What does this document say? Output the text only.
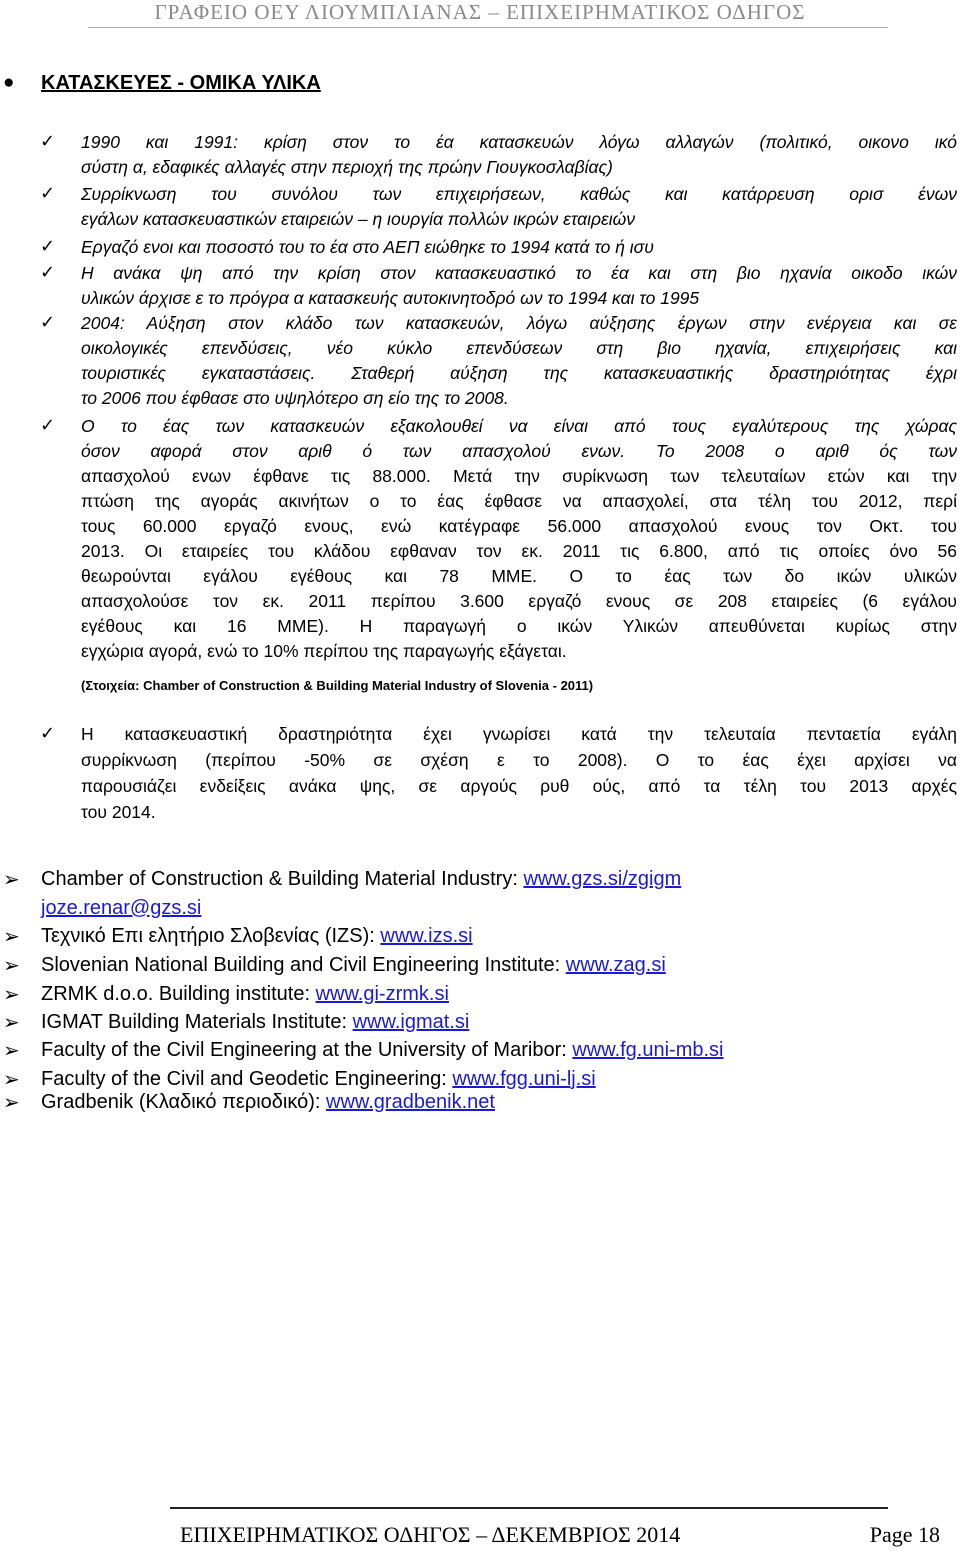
ΓΡΑΦΕΙΟ ΟΕΥ ΛΙΟΥΜΠΛΙΑΝΑΣ – ΕΠΙΧΕΙΡΗΜΑΤΙΚΟΣ ΟΔΗΓΟΣ
● ΚΑΤΑΣΚΕΥΕΣ - ΟΜΙΚΑ ΥΛΙΚΑ
✓ 1990 και 1991: κρίση στον το έα κατασκευών λόγω αλλαγών (πολιτικό, οικονο ικό
σύστη α, εδαφικές αλλαγές στην περιοχή της πρώην Γιουγκοσλαβίας)
✓ Συρρίκνωση του συνόλου των επιχειρήσεων, καθώς και κατάρρευση ορισ ένων
εγάλων κατασκευαστικών εταιρειών – η ιουργία πολλών ικρών εταιρειών
✓ Εργαζό ενοι και ποσοστό του το έα στο ΑΕΠ ειώθηκε το 1994 κατά το ή ισυ
✓ Η ανάκα ψη από την κρίση στον κατασκευαστικό το έα και στη βιο ηχανία οικοδο ικών
υλικών άρχισε ε το πρόγρα α κατασκευής αυτοκινητοδρό ων το 1994 και το 1995
✓ 2004: Αύξηση στον κλάδο των κατασκευών, λόγω αύξησης έργων στην ενέργεια και σε
οικολογικές επενδύσεις, νέο κύκλο επενδύσεων στη βιο ηχανία, επιχειρήσεις και
τουριστικές εγκαταστάσεις. Σταθερή αύξηση της κατασκευαστικής δραστηριότητας έχρι
το 2006 που έφθασε στο υψηλότερο ση είο της το 2008.
✓ Ο το έας των κατασκευών εξακολουθεί να είναι από τους εγαλύτερους της χώρας
όσον αφορά στον αριθ ό των απασχολού ενων. Το 2008 ο αριθ ός των
απασχολού ενων έφθανε τις 88.000. Μετά την συρίκνωση των τελευταίων ετών και την
πτώση της αγοράς ακινήτων ο το έας έφθασε να απασχολεί, στα τέλη του 2012, περί
τους 60.000 εργαζό ενους, ενώ κατέγραφε 56.000 απασχολού ενους τον Οκτ. του
2013. Οι εταιρείες του κλάδου εφθαναν τον εκ. 2011 τις 6.800, από τις οποίες όνο 56
θεωρούνται εγάλου εγέθους και 78 ΜΜΕ. Ο το έας των δο ικών υλικών
απασχολούσε τον εκ. 2011 περίπου 3.600 εργαζό ενους σε 208 εταιρείες (6 εγάλου
εγέθους και 16 ΜΜΕ). Η παραγωγή ο ικών Υλικών απευθύνεται κυρίως στην
εγχώρια αγορά, ενώ το 10% περίπου της παραγωγής εξάγεται.
(Στοιχεία: Chamber of Construction & Building Material Industry of Slovenia - 2011)
✓ Η κατασκευαστική δραστηριότητα έχει γνωρίσει κατά την τελευταία πενταετία εγάλη
συρρίκνωση (περίπου -50% σε σχέση ε το 2008). Ο το έας έχει αρχίσει να
παρουσιάζει ενδείξεις ανάκα ψης, σε αργούς ρυθ ούς, από τα τέλη του 2013 αρχές
του 2014.
➢ Chamber of Construction & Building Material Industry: www.gzs.si/zgigm
joze.renar@gzs.si
➢ Τεχνικό Επι ελητήριο Σλοβενίας (IZS): www.izs.si
➢ Slovenian National Building and Civil Engineering Institute: www.zag.si
➢ ZRMK d.o.o. Building institute: www.gi-zrmk.si
➢ IGMAT Building Materials Institute: www.igmat.si
➢ Faculty of the Civil Engineering at the University of Maribor: www.fg.uni-mb.si
➢ Faculty of the Civil and Geodetic Engineering: www.fgg.uni-lj.si
➢ Gradbenik (Κλαδικό περιοδικό): www.gradbenik.net
ΕΠΙΧΕΙΡΗΜΑΤΙΚΟΣ ΟΔΗΓΟΣ – ΔΕΚΕΜΒΡΙΟΣ 2014	Page 18
